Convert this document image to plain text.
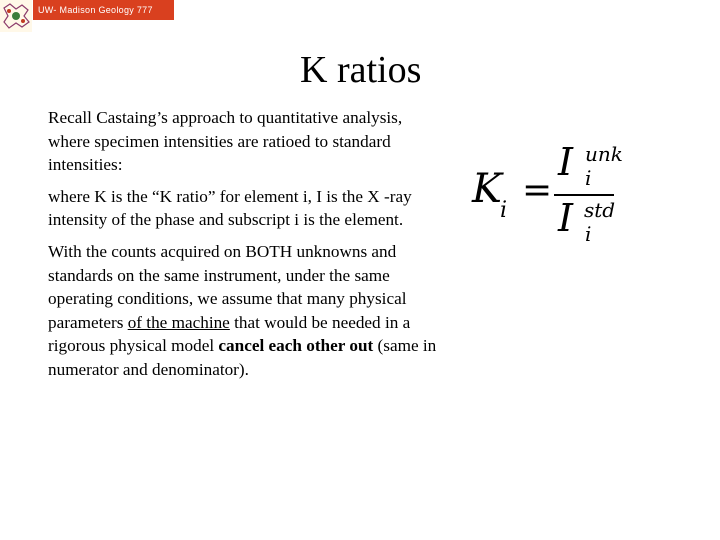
UW- Madison Geology 777
K ratios

Recall Castaing’s approach to quantitative analysis, where specimen intensities are ratioed to standard intensities:

where K is the “K ratio” for element i, I is the X -ray intensity of the phase and subscript i is the element.

With the counts acquired on BOTH unknowns and standards on the same instrument, under the same operating conditions, we assume that many physical parameters of the machine that would be needed in a rigorous physical model cancel each other out (same in numerator and denominator).

K
i =
I unk
i
I std
i
